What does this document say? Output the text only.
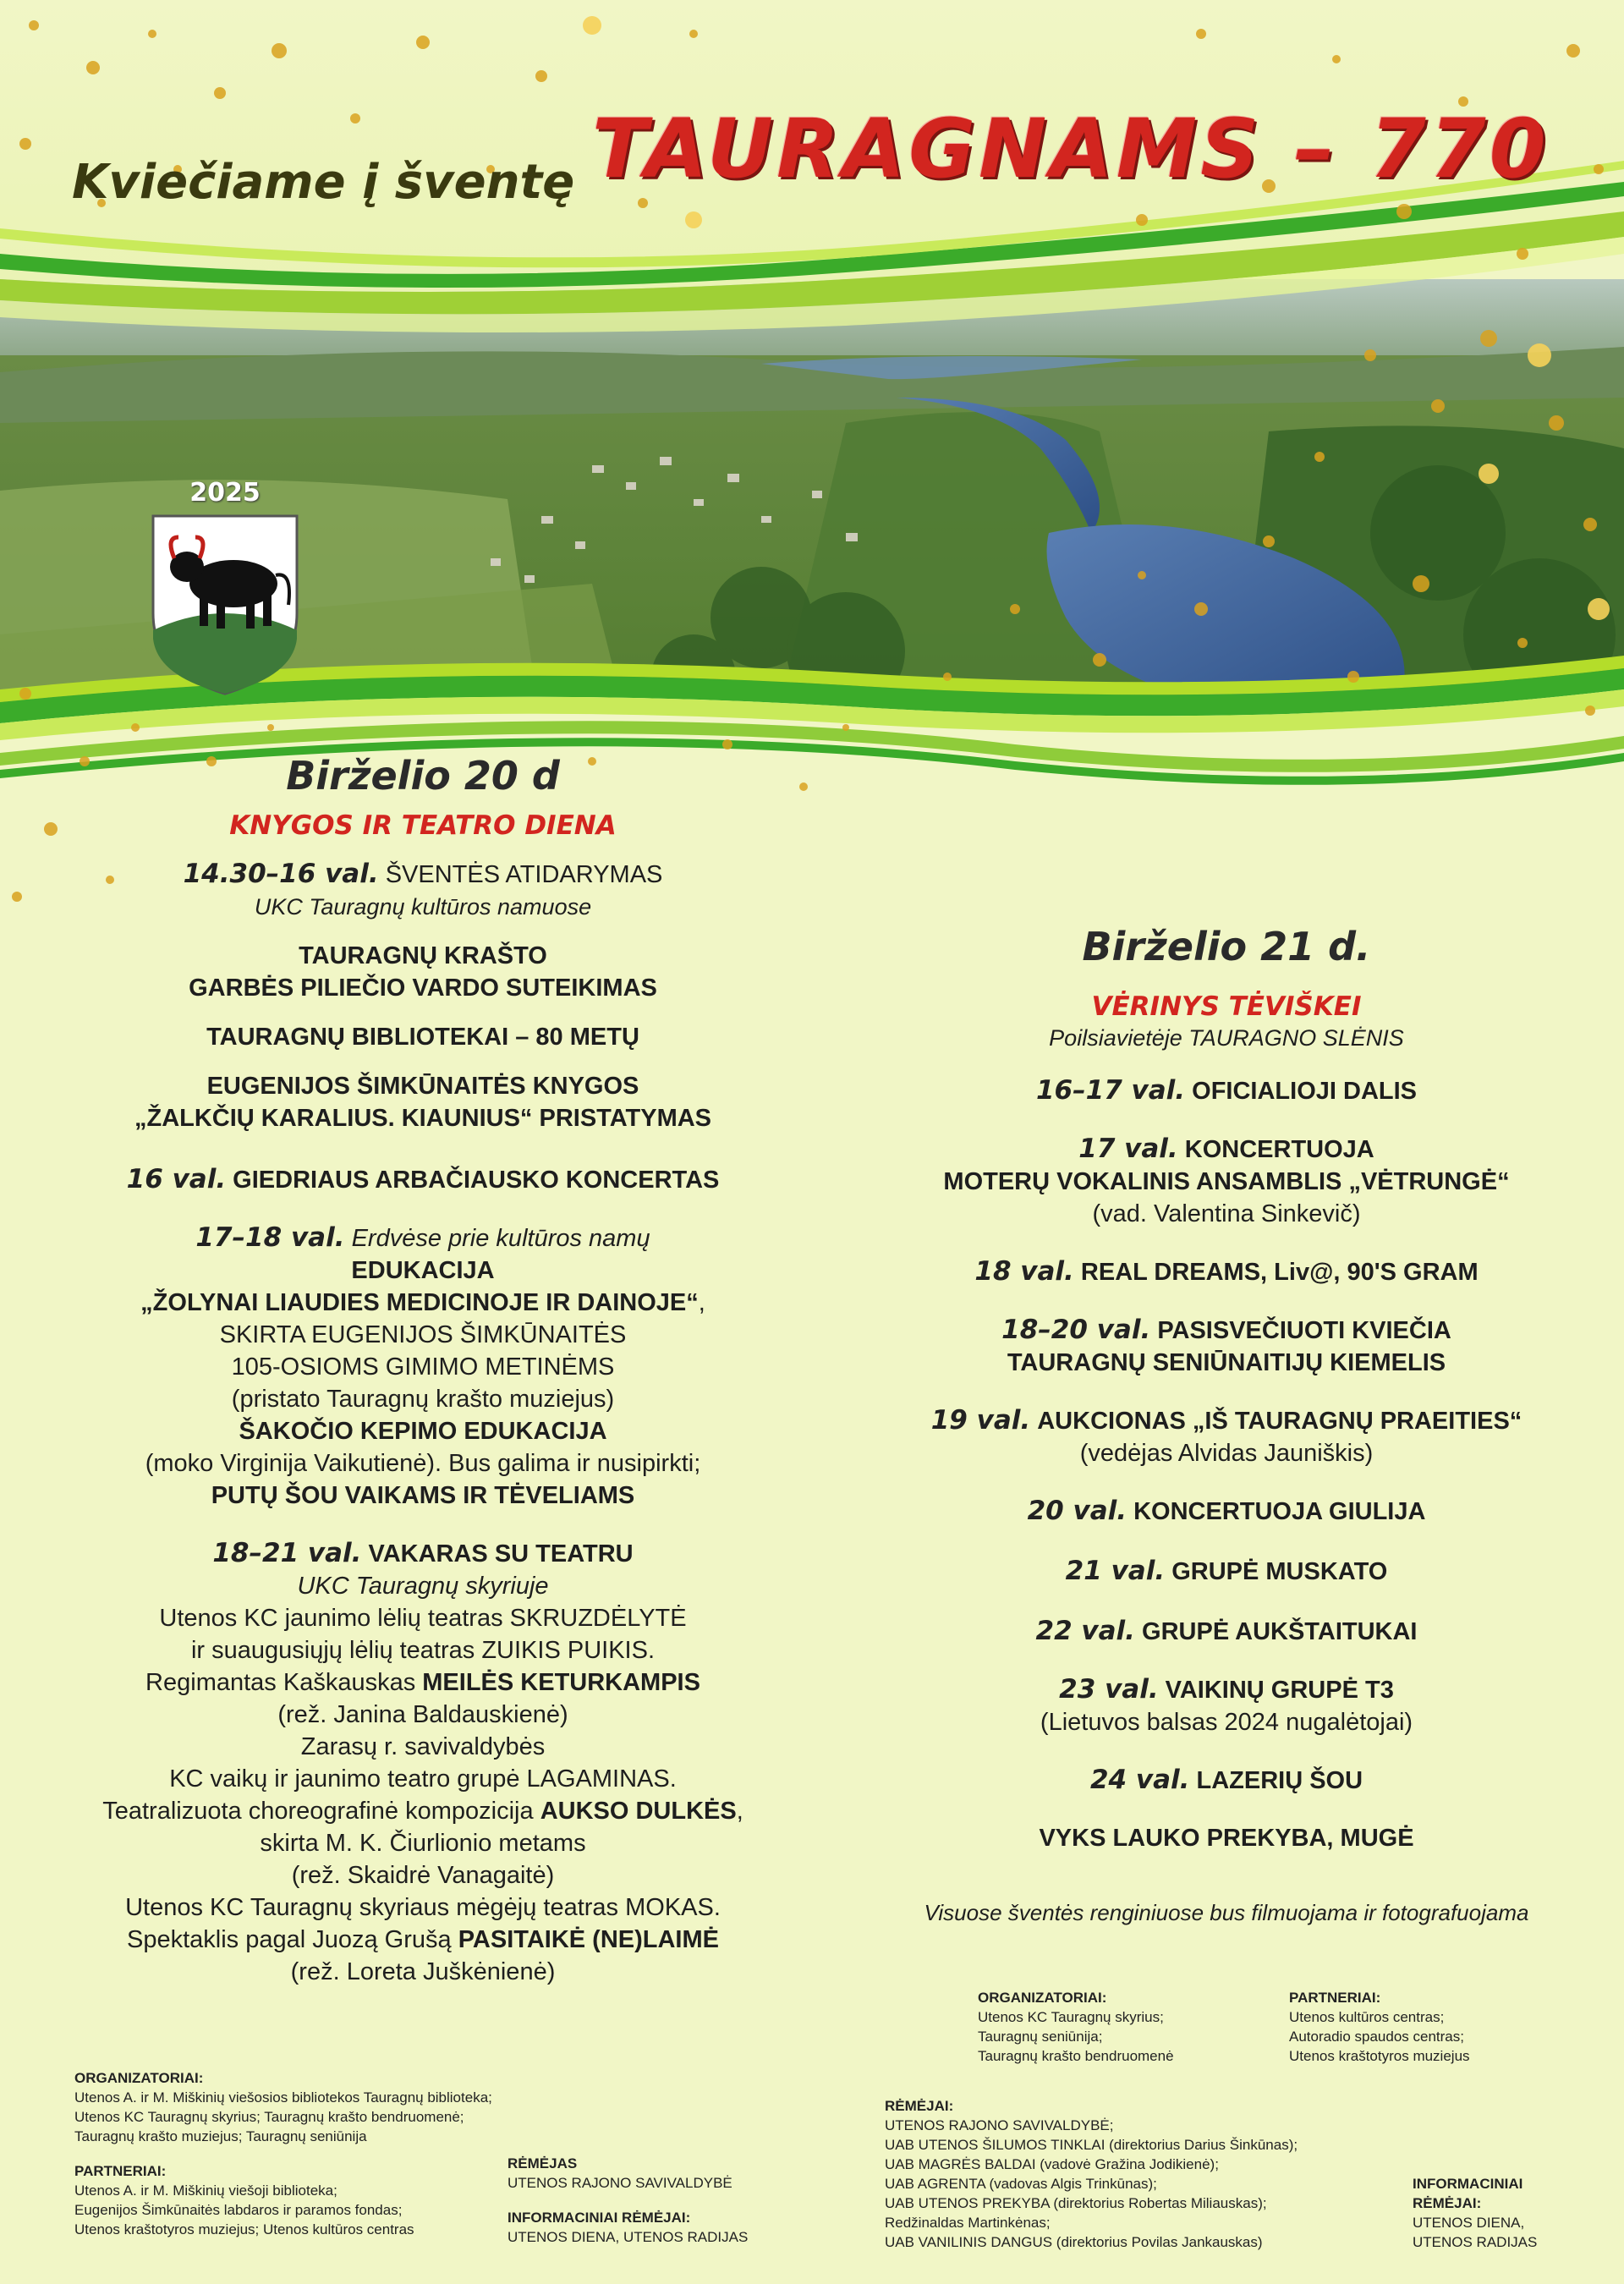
Kviečiame į šventę TAURAGNAMS – 770
2025

Birželio 20 d

KNYGOS IR TEATRO DIENA

14.30–16 val. ŠVENTĖS ATIDARYMAS

UKC Tauragnų kultūros namuose

TAURAGNŲ KRAŠTO

GARBĖS PILIEČIO VARDO SUTEIKIMAS

TAURAGNŲ BIBLIOTEKAI – 80 METŲ

EUGENIJOS ŠIMKŪNAITĖS KNYGOS

„ŽALKČIŲ KARALIUS. KIAUNIUS“ PRISTATYMAS

16 val. GIEDRIAUS ARBAČIAUSKO KONCERTAS

17–18 val. Erdvėse prie kultūros namų

EDUKACIJA

„ŽOLYNAI LIAUDIES MEDICINOJE IR DAINOJE“,

SKIRTA EUGENIJOS ŠIMKŪNAITĖS

105-OSIOMS GIMIMO METINĖMS

(pristato Tauragnų krašto muziejus)

ŠAKOČIO KEPIMO EDUKACIJA

(moko Virginija Vaikutienė). Bus galima ir nusipirkti;

PUTŲ ŠOU VAIKAMS IR TĖVELIAMS

18–21 val. VAKARAS SU TEATRU

UKC Tauragnų skyriuje

Utenos KC jaunimo lėlių teatras SKRUZDĖLYTĖ

ir suaugusiųjų lėlių teatras ZUIKIS PUIKIS.

Regimantas Kaškauskas MEILĖS KETURKAMPIS

(rež. Janina Baldauskienė)

Zarasų r. savivaldybės

KC vaikų ir jaunimo teatro grupė LAGAMINAS.

Teatralizuota choreografinė kompozicija AUKSO DULKĖS,

skirta M. K. Čiurlionio metams

(rež. Skaidrė Vanagaitė)

Utenos KC Tauragnų skyriaus mėgėjų teatras MOKAS.

Spektaklis pagal Juozą Grušą PASITAIKĖ (NE)LAIMĖ

(rež. Loreta Juškėnienė)

Birželio 21 d.

VĖRINYS TĖVIŠKEI

Poilsiavietėje TAURAGNO SLĖNIS

16–17 val. OFICIALIOJI DALIS

17 val. KONCERTUOJA

MOTERŲ VOKALINIS ANSAMBLIS „VĖTRUNGĖ“

(vad. Valentina Sinkevič)

18 val. REAL DREAMS, Liv@, 90'S GRAM

18–20 val. PASISVEČIUOTI KVIEČIA

TAURAGNŲ SENIŪNAITIJŲ KIEMELIS

19 val. AUKCIONAS „IŠ TAURAGNŲ PRAEITIES“

(vedėjas Alvidas Jauniškis)

20 val. KONCERTUOJA GIULIJA

21 val. GRUPĖ MUSKATO

22 val. GRUPĖ AUKŠTAITUKAI

23 val. VAIKINŲ GRUPĖ T3

(Lietuvos balsas 2024 nugalėtojai)

24 val. LAZERIŲ ŠOU

VYKS LAUKO PREKYBA, MUGĖ

Visuose šventės renginiuose bus filmuojama ir fotografuojama

ORGANIZATORIAI:
Utenos A. ir M. Miškinių viešosios bibliotekos Tauragnų biblioteka;
Utenos KC Tauragnų skyrius; Tauragnų krašto bendruomenė;
Tauragnų krašto muziejus; Tauragnų seniūnija
PARTNERIAI:
Utenos A. ir M. Miškinių viešoji biblioteka;
Eugenijos Šimkūnaitės labdaros ir paramos fondas;
Utenos kraštotyros muziejus; Utenos kultūros centras
RĖMĖJAS
UTENOS RAJONO SAVIVALDYBĖ
INFORMACINIAI RĖMĖJAI:
UTENOS DIENA, UTENOS RADIJAS
ORGANIZATORIAI:
Utenos KC Tauragnų skyrius;
Tauragnų seniūnija;
Tauragnų krašto bendruomenė
PARTNERIAI:
Utenos kultūros centras;
Autoradio spaudos centras;
Utenos kraštotyros muziejus
RĖMĖJAI:
UTENOS RAJONO SAVIVALDYBĖ;
UAB UTENOS ŠILUMOS TINKLAI (direktorius Darius Šinkūnas);
UAB MAGRĖS BALDAI (vadovė Gražina Jodikienė);
UAB AGRENTA (vadovas Algis Trinkūnas);
UAB UTENOS PREKYBA (direktorius Robertas Miliauskas);
Redžinaldas Martinkėnas;
UAB VANILINIS DANGUS (direktorius Povilas Jankauskas)
INFORMACINIAI
RĖMĖJAI:
UTENOS DIENA,
UTENOS RADIJAS
